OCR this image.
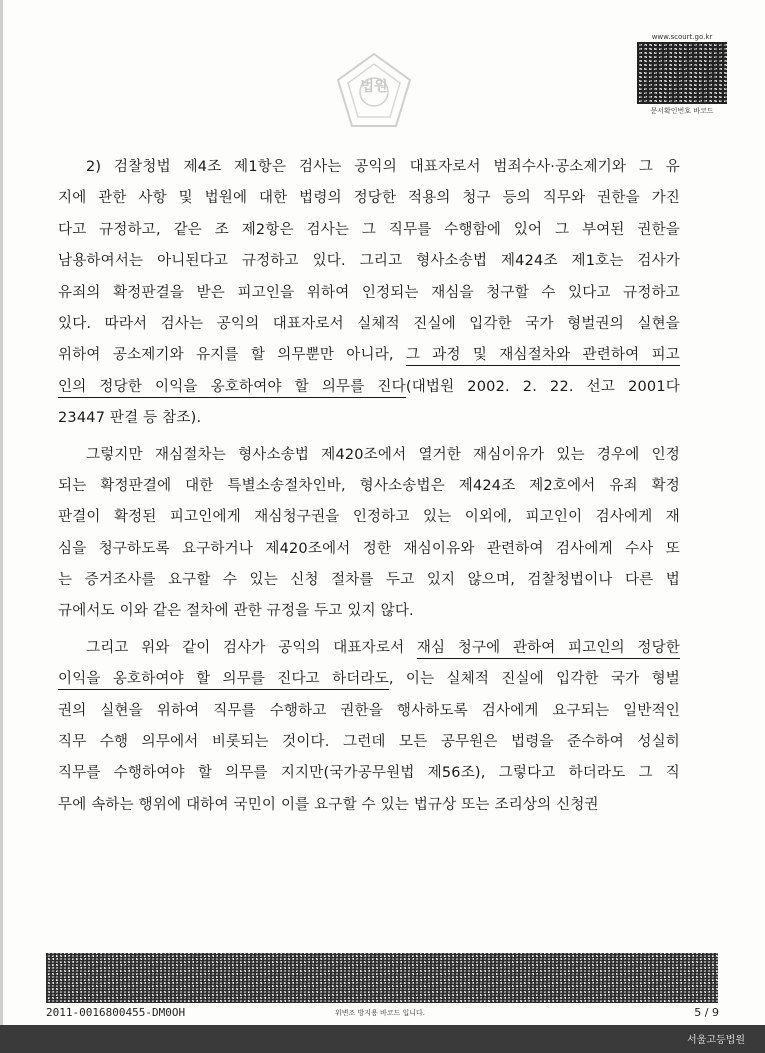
법원
www.scourt.go.kr
문서확인번호 바코드
2) 검찰청법 제4조 제1항은 검사는 공익의 대표자로서 범죄수사·공소제기와 그 유
지에 관한 사항 및 법원에 대한 법령의 정당한 적용의 청구 등의 직무와 권한을 가진
다고 규정하고, 같은 조 제2항은 검사는 그 직무를 수행함에 있어 그 부여된 권한을
남용하여서는 아니된다고 규정하고 있다. 그리고 형사소송법 제424조 제1호는 검사가
유죄의 확정판결을 받은 피고인을 위하여 인정되는 재심을 청구할 수 있다고 규정하고
있다. 따라서 검사는 공익의 대표자로서 실체적 진실에 입각한 국가 형벌권의 실현을
위하여 공소제기와 유지를 할 의무뿐만 아니라, 그 과정 및 재심절차와 관련하여 피고
인의 정당한 이익을 옹호하여야 할 의무를 진다(대법원 2002. 2. 22. 선고 2001다
23447 판결 등 참조).
그렇지만 재심절차는 형사소송법 제420조에서 열거한 재심이유가 있는 경우에 인정
되는 확정판결에 대한 특별소송절차인바, 형사소송법은 제424조 제2호에서 유죄 확정
판결이 확정된 피고인에게 재심청구권을 인정하고 있는 이외에, 피고인이 검사에게 재
심을 청구하도록 요구하거나 제420조에서 정한 재심이유와 관련하여 검사에게 수사 또
는 증거조사를 요구할 수 있는 신청 절차를 두고 있지 않으며, 검찰청법이나 다른 법
규에서도 이와 같은 절차에 관한 규정을 두고 있지 않다.
그리고 위와 같이 검사가 공익의 대표자로서 재심 청구에 관하여 피고인의 정당한
이익을 옹호하여야 할 의무를 진다고 하더라도, 이는 실체적 진실에 입각한 국가 형벌
권의 실현을 위하여 직무를 수행하고 권한을 행사하도록 검사에게 요구되는 일반적인
직무 수행 의무에서 비롯되는 것이다. 그런데 모든 공무원은 법령을 준수하여 성실히
직무를 수행하여야 할 의무를 지지만(국가공무원법 제56조), 그렇다고 하더라도 그 직
무에 속하는 행위에 대하여 국민이 이를 요구할 수 있는 법규상 또는 조리상의 신청권
2011-0016800455-DM0OH	위변조 방지용 바코드 입니다.	5 / 9
서울고등법원
